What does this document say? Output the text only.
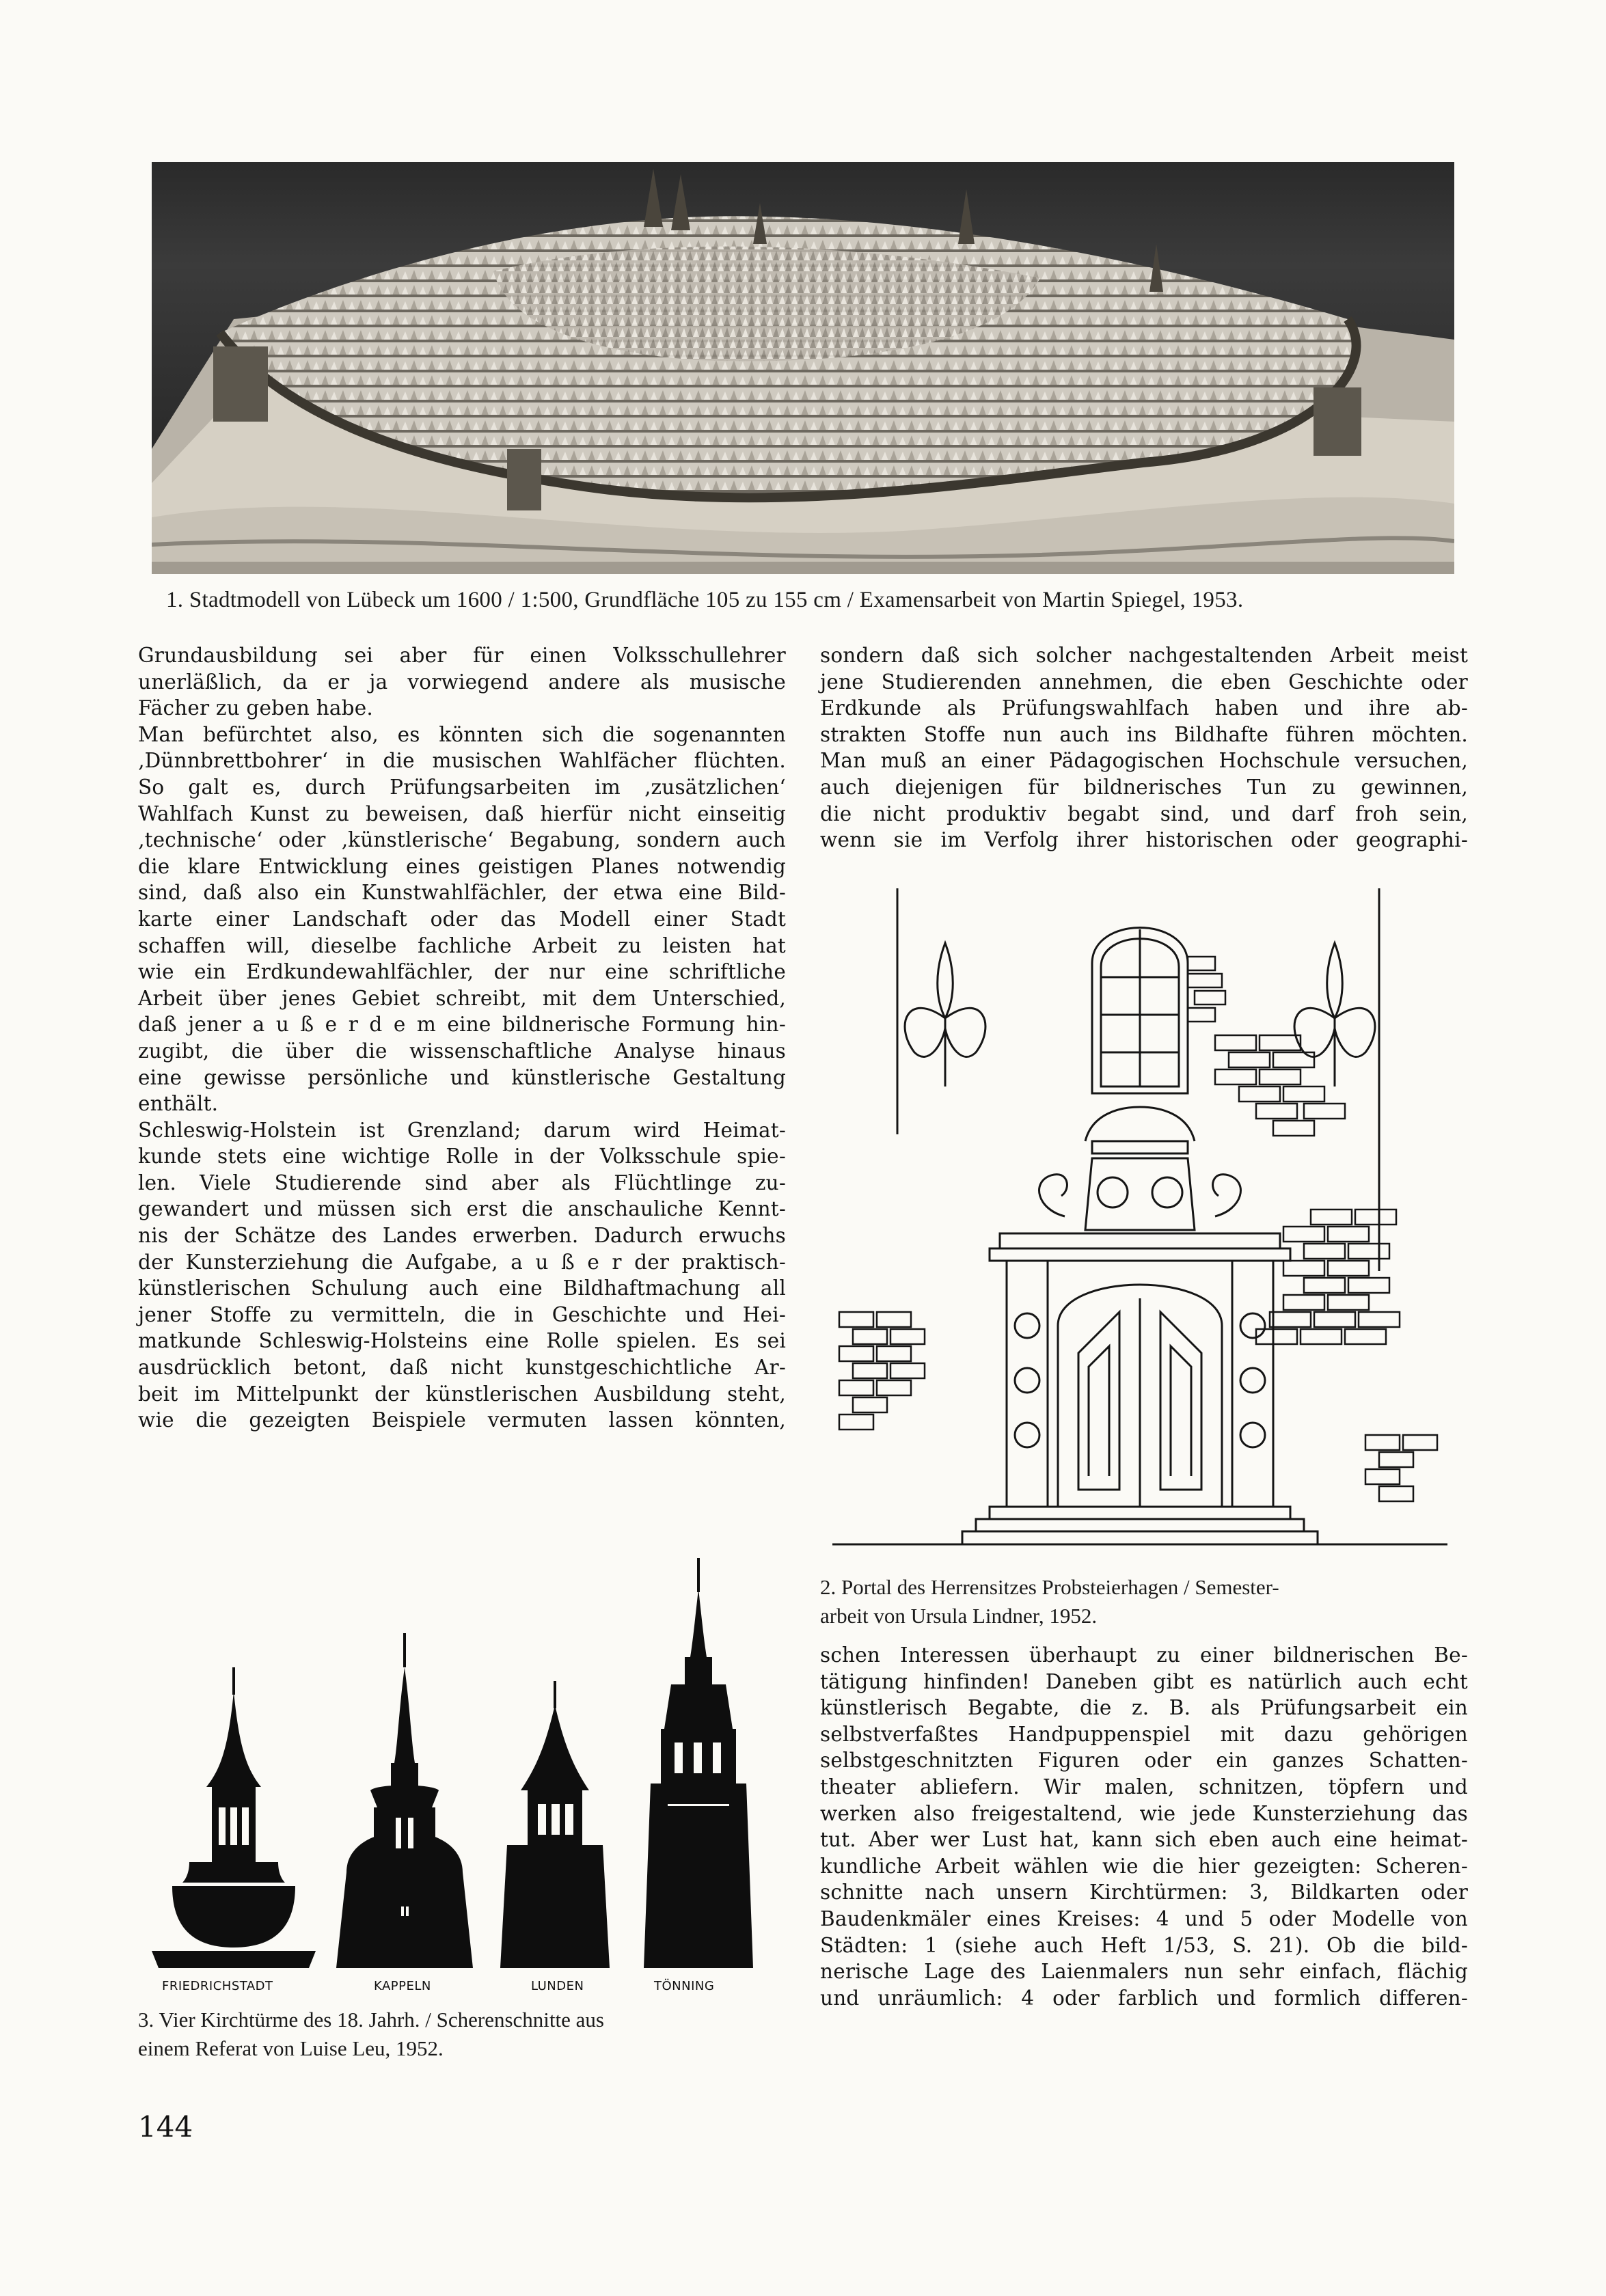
1. Stadtmodell von Lübeck um 1600 / 1:500, Grundfläche 105 zu 155 cm / Examensarbeit von Martin Spiegel, 1953.
Grundausbildung sei aber für einen Volksschullehrer
unerläßlich, da er ja vorwiegend andere als musische
Fächer zu geben habe.
Man befürchtet also, es könnten sich die sogenannten
‚Dünnbrettbohrer‘ in die musischen Wahlfächer flüchten.
So galt es, durch Prüfungsarbeiten im ‚zusätzlichen‘
Wahlfach Kunst zu beweisen, daß hierfür nicht einseitig
‚technische‘ oder ‚künstlerische‘ Begabung, sondern auch
die klare Entwicklung eines geistigen Planes notwendig
sind, daß also ein Kunstwahlfächler, der etwa eine Bild-
karte einer Landschaft oder das Modell einer Stadt
schaffen will, dieselbe fachliche Arbeit zu leisten hat
wie ein Erdkundewahlfächler, der nur eine schriftliche
Arbeit über jenes Gebiet schreibt, mit dem Unterschied,
daß jener a u ß e r d e m eine bildnerische Formung hin-
zugibt, die über die wissenschaftliche Analyse hinaus
eine gewisse persönliche und künstlerische Gestaltung
enthält.
Schleswig-Holstein ist Grenzland; darum wird Heimat-
kunde stets eine wichtige Rolle in der Volksschule spie-
len. Viele Studierende sind aber als Flüchtlinge zu-
gewandert und müssen sich erst die anschauliche Kennt-
nis der Schätze des Landes erwerben. Dadurch erwuchs
der Kunsterziehung die Aufgabe, a u ß e r der praktisch-
künstlerischen Schulung auch eine Bildhaftmachung all
jener Stoffe zu vermitteln, die in Geschichte und Hei-
matkunde Schleswig-Holsteins eine Rolle spielen. Es sei
ausdrücklich betont, daß nicht kunstgeschichtliche Ar-
beit im Mittelpunkt der künstlerischen Ausbildung steht,
wie die gezeigten Beispiele vermuten lassen könnten,
sondern daß sich solcher nachgestaltenden Arbeit meist
jene Studierenden annehmen, die eben Geschichte oder
Erdkunde als Prüfungswahlfach haben und ihre ab-
strakten Stoffe nun auch ins Bildhafte führen möchten.
Man muß an einer Pädagogischen Hochschule versuchen,
auch diejenigen für bildnerisches Tun zu gewinnen,
die nicht produktiv begabt sind, und darf froh sein,
wenn sie im Verfolg ihrer historischen oder geographi-
2. Portal des Herrensitzes Probsteierhagen / Semester-
arbeit von Ursula Lindner, 1952.
schen Interessen überhaupt zu einer bildnerischen Be-
tätigung hinfinden! Daneben gibt es natürlich auch echt
künstlerisch Begabte, die z. B. als Prüfungsarbeit ein
selbstverfaßtes Handpuppenspiel mit dazu gehörigen
selbstgeschnitzten Figuren oder ein ganzes Schatten-
theater abliefern. Wir malen, schnitzen, töpfern und
werken also freigestaltend, wie jede Kunsterziehung das
tut. Aber wer Lust hat, kann sich eben auch eine heimat-
kundliche Arbeit wählen wie die hier gezeigten: Scheren-
schnitte nach unsern Kirchtürmen: 3, Bildkarten oder
Baudenkmäler eines Kreises: 4 und 5 oder Modelle von
Städten: 1 (siehe auch Heft 1/53, S. 21). Ob die bild-
nerische Lage des Laienmalers nun sehr einfach, flächig
und unräumlich: 4 oder farblich und formlich differen-
FRIEDRICHSTADT	KAPPELN	LUNDEN	TÖNNING
3. Vier Kirchtürme des 18. Jahrh. / Scherenschnitte aus
einem Referat von Luise Leu, 1952.
144
